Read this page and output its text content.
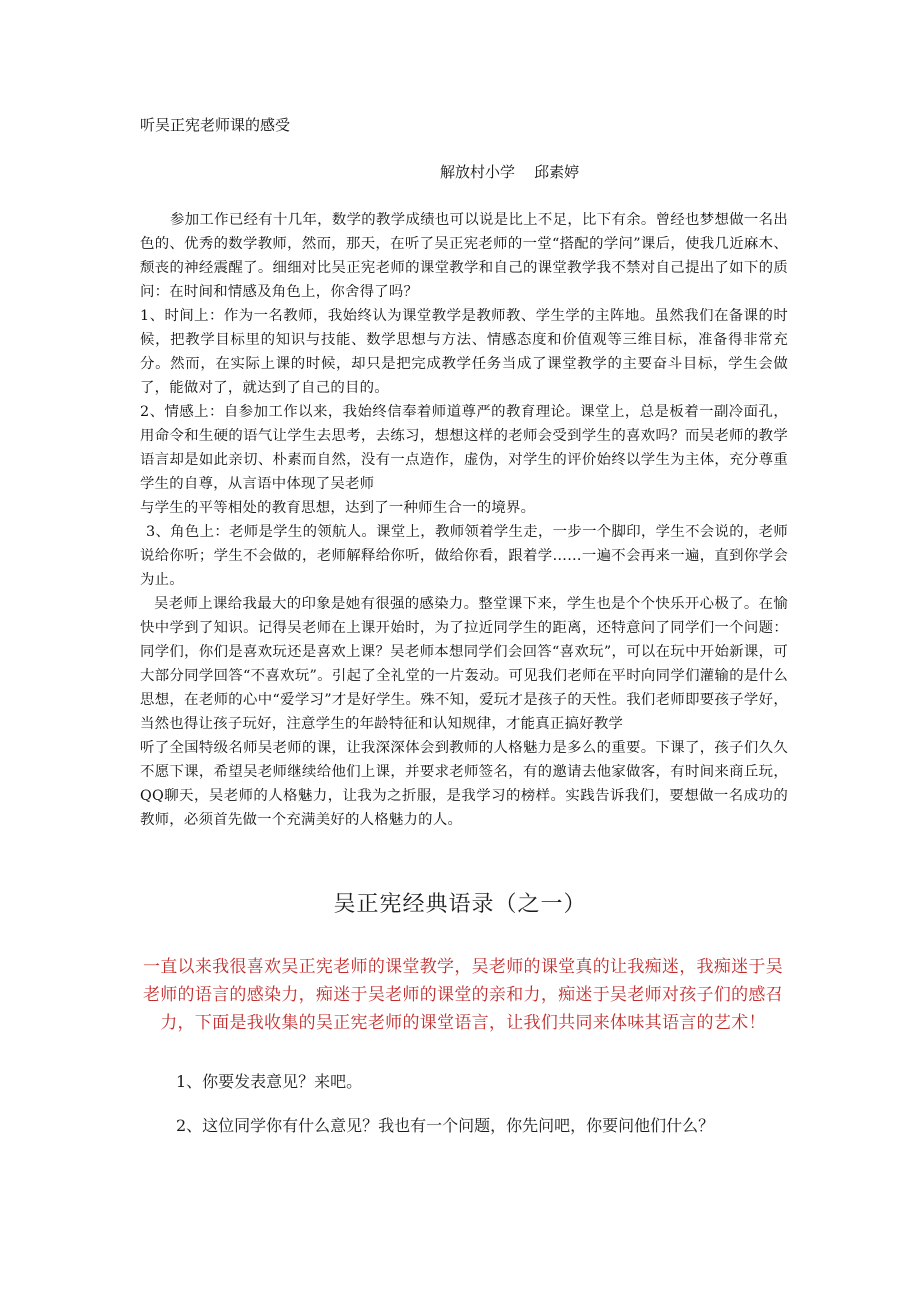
听吴正宪老师课的感受
解放村小学    邱素婷

参加工作已经有十几年，数学的教学成绩也可以说是比上不足，比下有余。曾经也梦想做一名出色的、优秀的数学教师，然而，那天，在听了吴正宪老师的一堂“搭配的学问”课后，使我几近麻木、颓丧的神经震醒了。细细对比吴正宪老师的课堂教学和自己的课堂教学我不禁对自己提出了如下的质问：在时间和情感及角色上，你舍得了吗？

1、时间上：作为一名教师，我始终认为课堂教学是教师教、学生学的主阵地。虽然我们在备课的时候，把教学目标里的知识与技能、数学思想与方法、情感态度和价值观等三维目标，准备得非常充分。然而，在实际上课的时候，却只是把完成教学任务当成了课堂教学的主要奋斗目标，学生会做了，能做对了，就达到了自己的目的。

2、情感上：自参加工作以来，我始终信奉着师道尊严的教育理论。课堂上，总是板着一副冷面孔，用命令和生硬的语气让学生去思考，去练习，想想这样的老师会受到学生的喜欢吗？而吴老师的教学语言却是如此亲切、朴素而自然，没有一点造作，虚伪，对学生的评价始终以学生为主体，充分尊重学生的自尊，从言语中体现了吴老师

与学生的平等相处的教育思想，达到了一种师生合一的境界。

3、角色上：老师是学生的领航人。课堂上，教师领着学生走，一步一个脚印，学生不会说的，老师说给你听；学生不会做的，老师解释给你听，做给你看，跟着学……一遍不会再来一遍，直到你学会为止。

吴老师上课给我最大的印象是她有很强的感染力。整堂课下来，学生也是个个快乐开心极了。在愉快中学到了知识。记得吴老师在上课开始时，为了拉近同学生的距离，还特意问了同学们一个问题：同学们，你们是喜欢玩还是喜欢上课？吴老师本想同学们会回答“喜欢玩”，可以在玩中开始新课，可大部分同学回答“不喜欢玩”。引起了全礼堂的一片轰动。可见我们老师在平时向同学们灌输的是什么思想，在老师的心中“爱学习”才是好学生。殊不知，爱玩才是孩子的天性。我们老师即要孩子学好，当然也得让孩子玩好，注意学生的年龄特征和认知规律，才能真正搞好教学

听了全国特级名师吴老师的课，让我深深体会到教师的人格魅力是多么的重要。下课了，孩子们久久不愿下课，希望吴老师继续给他们上课，并要求老师签名，有的邀请去他家做客，有时间来商丘玩，QQ聊天，吴老师的人格魅力，让我为之折服，是我学习的榜样。实践告诉我们，要想做一名成功的教师，必须首先做一个充满美好的人格魅力的人。

吴正宪经典语录（之一）
一直以来我很喜欢吴正宪老师的课堂教学，吴老师的课堂真的让我痴迷，我痴迷于吴老师的语言的感染力，痴迷于吴老师的课堂的亲和力，痴迷于吴老师对孩子们的感召力，下面是我收集的吴正宪老师的课堂语言，让我们共同来体味其语言的艺术！
1、你要发表意见？来吧。
2、这位同学你有什么意见？我也有一个问题，你先问吧，你要问他们什么？
